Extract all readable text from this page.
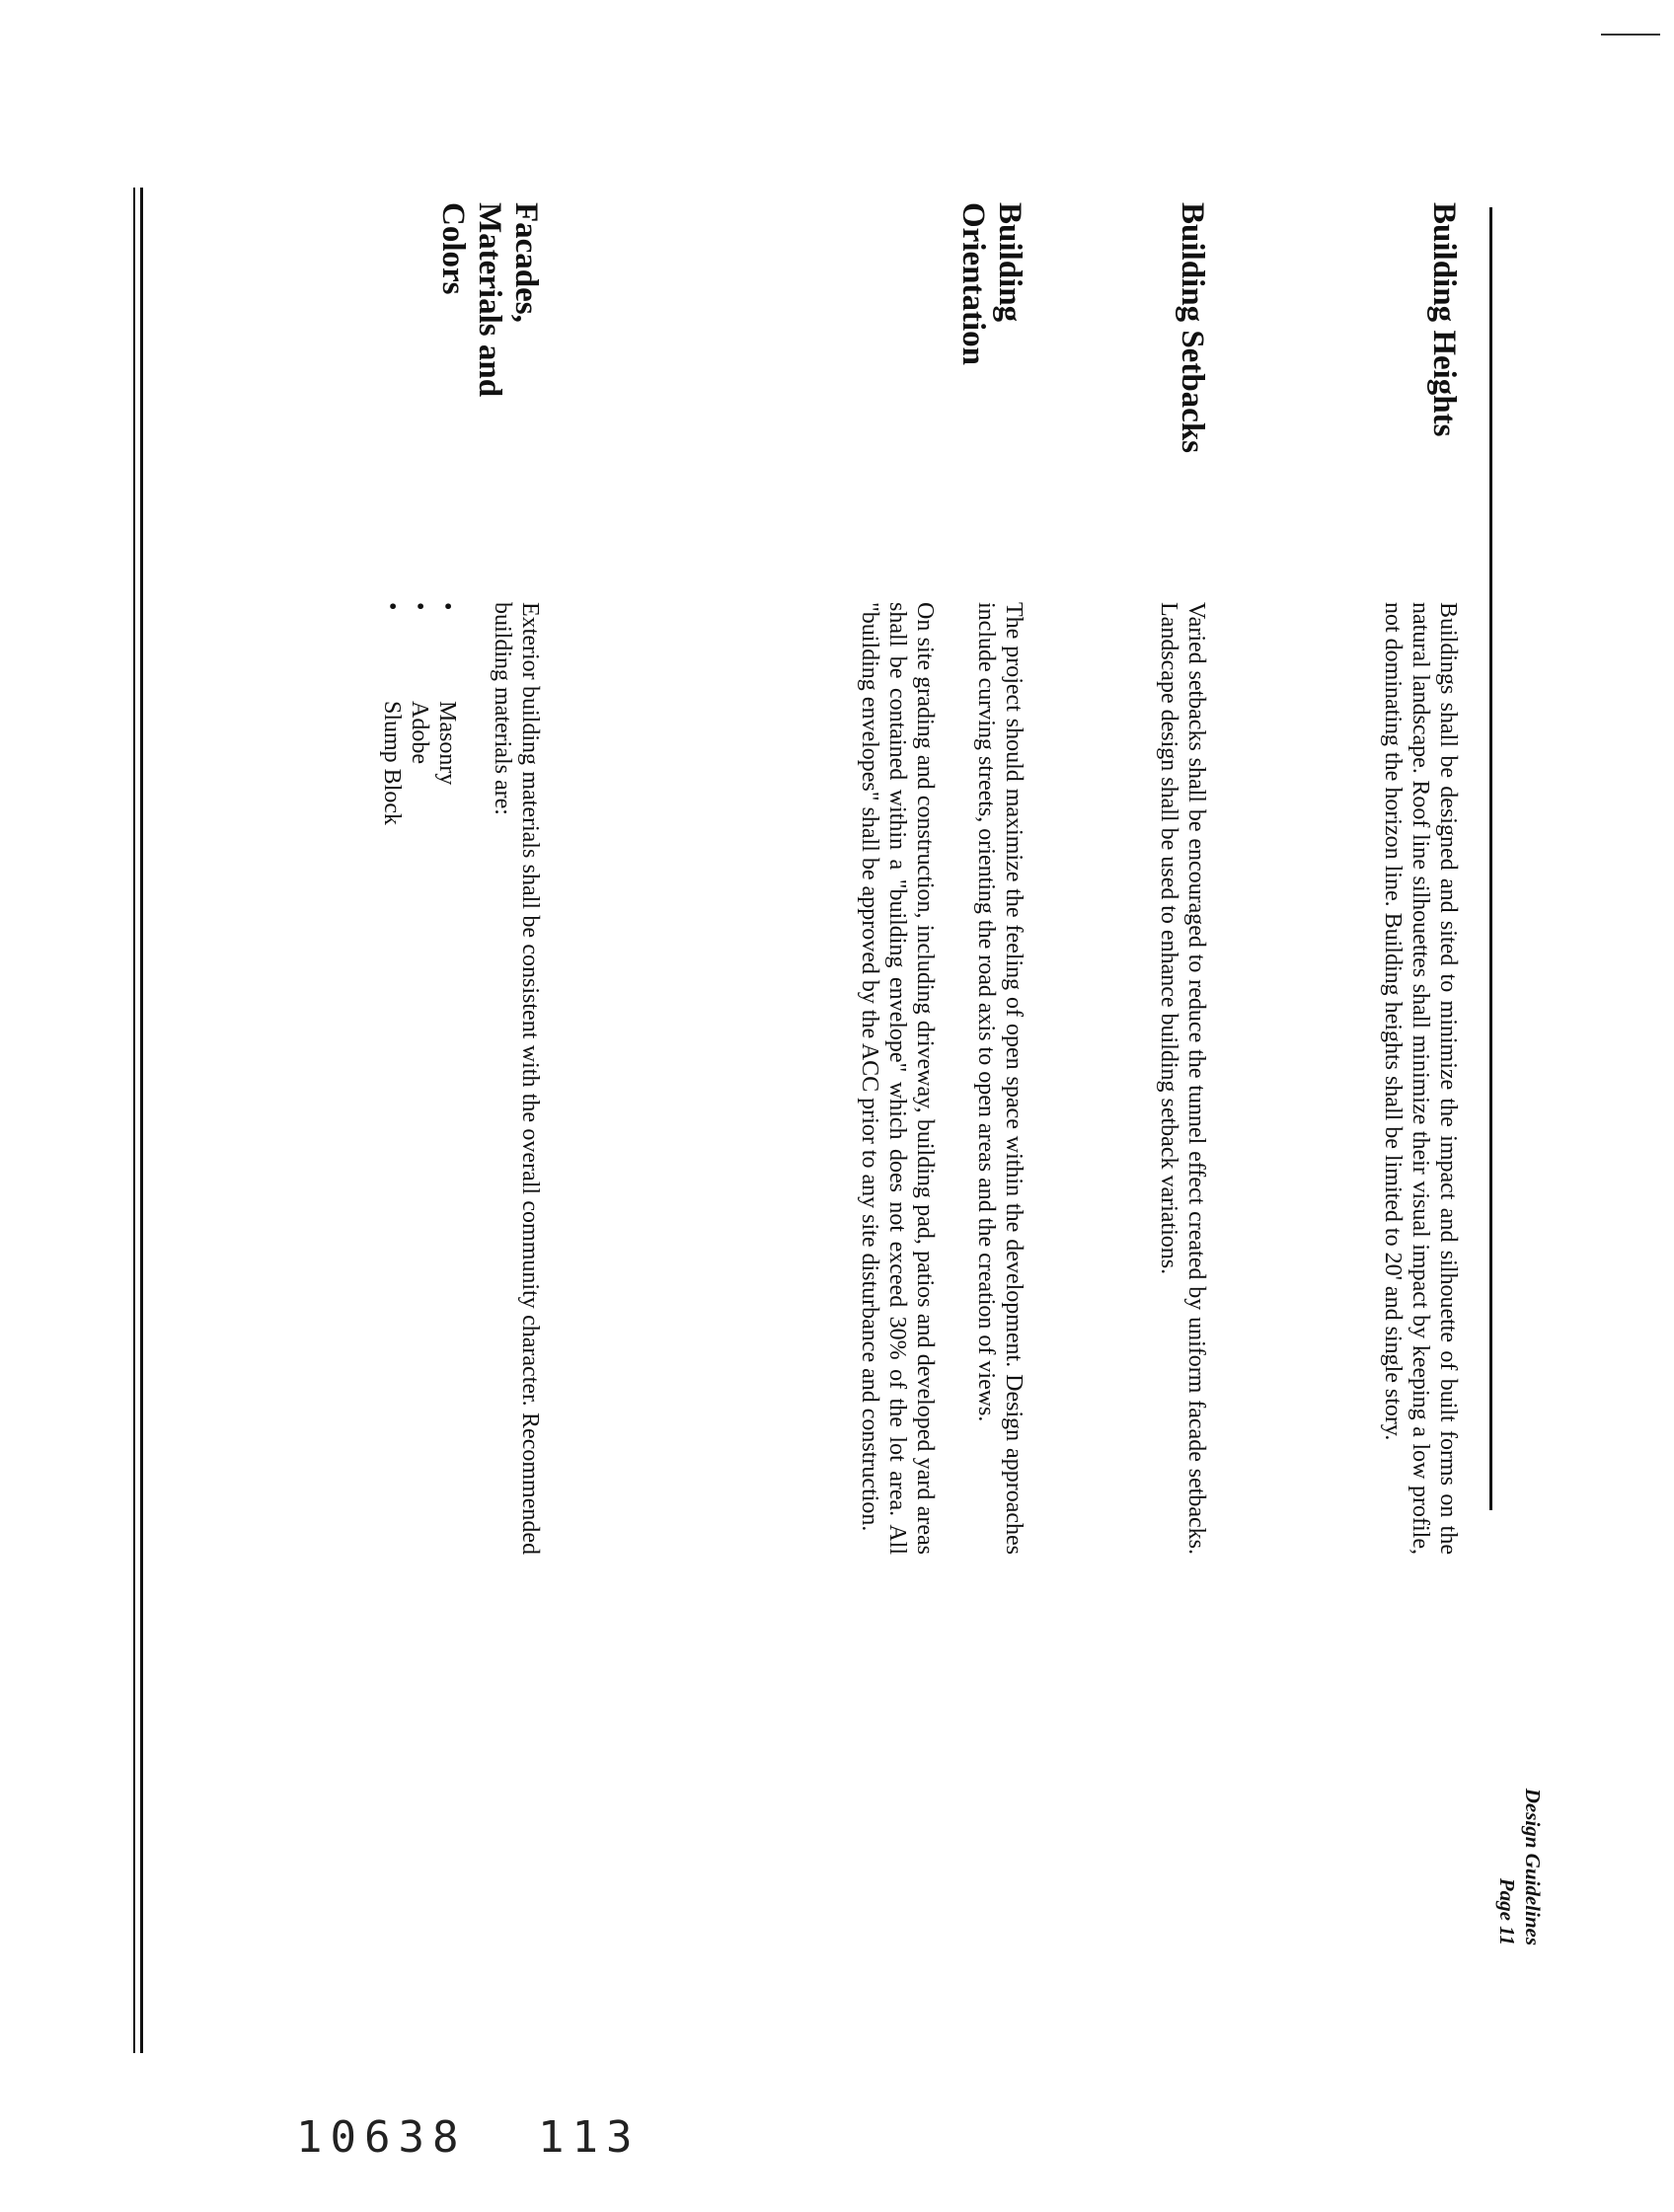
Design Guidelines
Page 11
Building Heights

Buildings shall be designed and sited to minimize the impact and silhouette of built forms on the natural landscape. Roof line silhouettes shall minimize their visual impact by keeping a low profile, not dominating the horizon line. Building heights shall be limited to 20' and single story.

Building Setbacks

Varied setbacks shall be encouraged to reduce the tunnel effect created by uniform facade setbacks. Landscape design shall be used to enhance building setback variations.

Building Orientation

The project should maximize the feeling of open space within the development. Design approaches include curving streets, orienting the road axis to open areas and the creation of views.

On site grading and construction, including driveway, building pad, patios and developed yard areas shall be contained within a "building envelope" which does not exceed 30% of the lot area. All "building envelopes" shall be approved by the ACC prior to any site disturbance and construction.

Facades, Materials and Colors

Exterior building materials shall be consistent with the overall community character. Recommended building materials are:

•
Masonry
•
Adobe
•
Slump Block
10638 113
